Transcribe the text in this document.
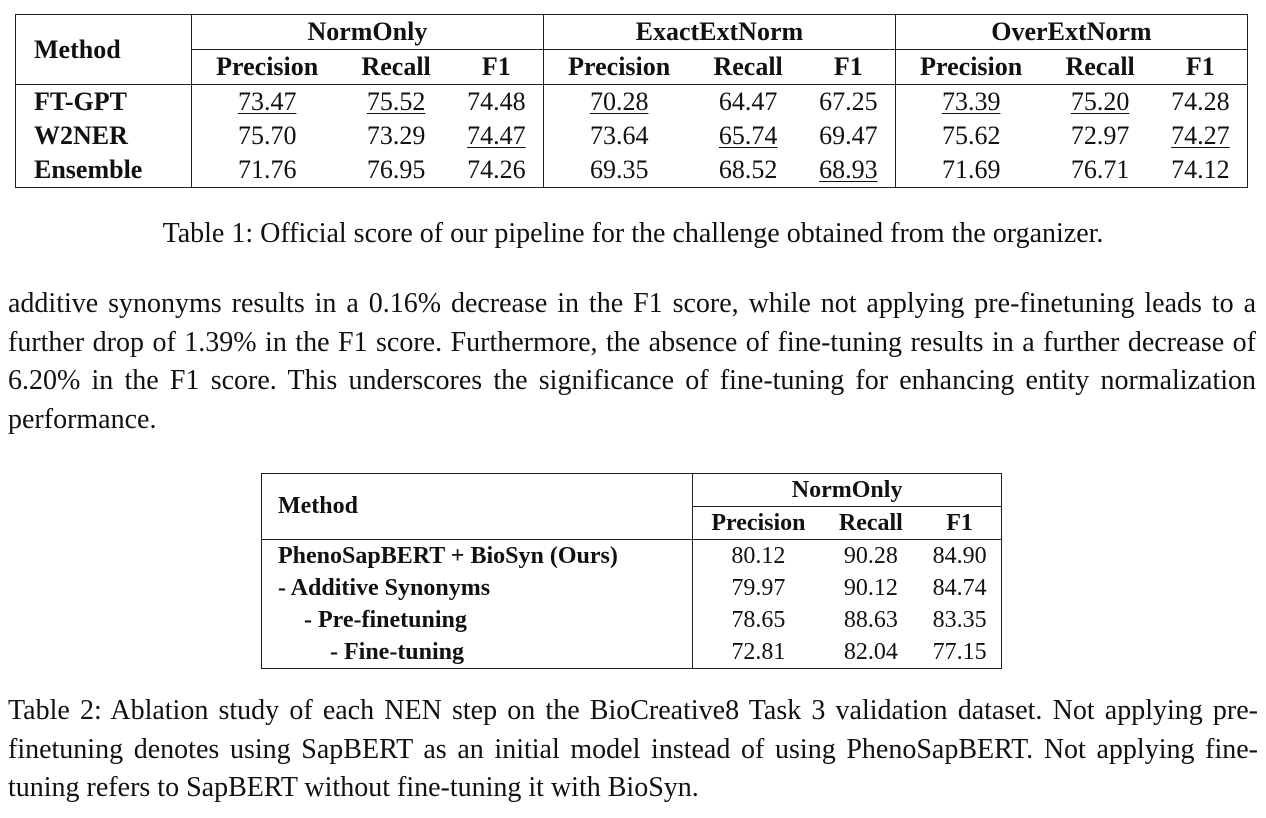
Method	NormOnly			ExactExtNorm			OverExtNorm		
	Precision	Recall	F1	Precision	Recall	F1	Precision	Recall	F1
FT-GPT	73.47	75.52	74.48	70.28	64.47	67.25	73.39	75.20	74.28
W2NER	75.70	73.29	74.47	73.64	65.74	69.47	75.62	72.97	74.27
Ensemble	71.76	76.95	74.26	69.35	68.52	68.93	71.69	76.71	74.12
Table 1: Official score of our pipeline for the challenge obtained from the organizer.

additive synonyms results in a 0.16% decrease in the F1 score, while not applying pre-finetuning leads to a further drop of 1.39% in the F1 score. Furthermore, the absence of fine-tuning results in a further decrease of 6.20% in the F1 score. This underscores the significance of fine-tuning for enhancing entity normalization performance.

Method	NormOnly		
	Precision	Recall	F1
PhenoSapBERT + BioSyn (Ours)	80.12	90.28	84.90
- Additive Synonyms	79.97	90.12	84.74
- Pre-finetuning	78.65	88.63	83.35
- Fine-tuning	72.81	82.04	77.15

Table 2: Ablation study of each NEN step on the BioCreative8 Task 3 validation dataset. Not applying pre-finetuning denotes using SapBERT as an initial model instead of using PhenoSapBERT. Not applying fine-tuning refers to SapBERT without fine-tuning it with BioSyn.
